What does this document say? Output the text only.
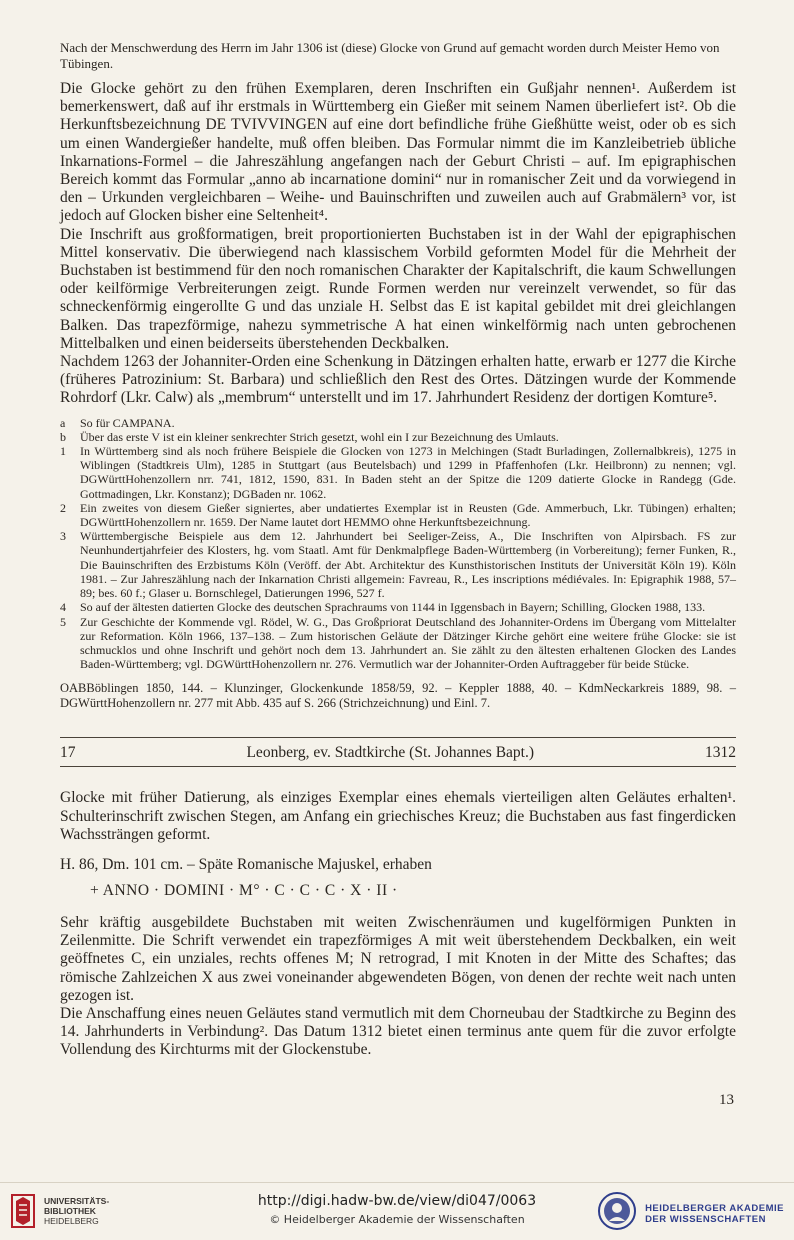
Nach der Menschwerdung des Herrn im Jahr 1306 ist (diese) Glocke von Grund auf gemacht worden durch Meister Hemo von Tübingen.

Die Glocke gehört zu den frühen Exemplaren, deren Inschriften ein Gußjahr nennen¹. Außerdem ist bemerkenswert, daß auf ihr erstmals in Württemberg ein Gießer mit seinem Namen überliefert ist². Ob die Herkunftsbezeichnung DE TVIVVINGEN auf eine dort befindliche frühe Gießhütte weist, oder ob es sich um einen Wandergießer handelte, muß offen bleiben. Das Formular nimmt die im Kanzleibetrieb übliche Inkarnations-Formel – die Jahreszählung angefangen nach der Geburt Christi – auf. Im epigraphischen Bereich kommt das Formular „anno ab incarnatione domini“ nur in romanischer Zeit und da vorwiegend in den – Urkunden vergleichbaren – Weihe- und Bauinschriften und zuweilen auch auf Grabmälern³ vor, ist jedoch auf Glocken bisher eine Seltenheit⁴.

Die Inschrift aus großformatigen, breit proportionierten Buchstaben ist in der Wahl der epigraphischen Mittel konservativ. Die überwiegend nach klassischem Vorbild geformten Model für die Mehrheit der Buchstaben ist bestimmend für den noch romanischen Charakter der Kapitalschrift, die kaum Schwellungen oder keilförmige Verbreiterungen zeigt. Runde Formen werden nur vereinzelt verwendet, so für das schneckenförmig eingerollte G und das unziale H. Selbst das E ist kapital gebildet mit drei gleichlangen Balken. Das trapezförmige, nahezu symmetrische A hat einen winkelförmig nach unten gebrochenen Mittelbalken und einen beiderseits überstehenden Deckbalken.

Nachdem 1263 der Johanniter-Orden eine Schenkung in Dätzingen erhalten hatte, erwarb er 1277 die Kirche (früheres Patrozinium: St. Barbara) und schließlich den Rest des Ortes. Dätzingen wurde der Kommende Rohrdorf (Lkr. Calw) als „membrum“ unterstellt und im 17. Jahrhundert Residenz der dortigen Komture⁵.

a	So für CAMPANA.
b	Über das erste V ist ein kleiner senkrechter Strich gesetzt, wohl ein I zur Bezeichnung des Umlauts.
1	In Württemberg sind als noch frühere Beispiele die Glocken von 1273 in Melchingen (Stadt Burladingen, Zollernalbkreis), 1275 in Wiblingen (Stadtkreis Ulm), 1285 in Stuttgart (aus Beutelsbach) und 1299 in Pfaffenhofen (Lkr. Heilbronn) zu nennen; vgl. DGWürttHohenzollern nrr. 741, 1812, 1590, 831. In Baden steht an der Spitze die 1209 datierte Glocke in Randegg (Gde. Gottmadingen, Lkr. Konstanz); DGBaden nr. 1062.
2	Ein zweites von diesem Gießer signiertes, aber undatiertes Exemplar ist in Reusten (Gde. Ammerbuch, Lkr. Tübingen) erhalten; DGWürttHohenzollern nr. 1659. Der Name lautet dort HEMMO ohne Herkunftsbezeichnung.
3	Württembergische Beispiele aus dem 12. Jahrhundert bei Seeliger-Zeiss, A., Die Inschriften von Alpirsbach. FS zur Neunhundertjahrfeier des Klosters, hg. vom Staatl. Amt für Denkmalpflege Baden-Württemberg (in Vorbereitung); ferner Funken, R., Die Bauinschriften des Erzbistums Köln (Veröff. der Abt. Architektur des Kunsthistorischen Instituts der Universität Köln 19). Köln 1981. – Zur Jahreszählung nach der Inkarnation Christi allgemein: Favreau, R., Les inscriptions médiévales. In: Epigraphik 1988, 57–89; bes. 60 f.; Glaser u. Bornschlegel, Datierungen 1996, 527 f.
4	So auf der ältesten datierten Glocke des deutschen Sprachraums von 1144 in Iggensbach in Bayern; Schilling, Glocken 1988, 133.
5	Zur Geschichte der Kommende vgl. Rödel, W. G., Das Großpriorat Deutschland des Johanniter-Ordens im Übergang vom Mittelalter zur Reformation. Köln 1966, 137–138. – Zum historischen Geläute der Dätzinger Kirche gehört eine weitere frühe Glocke: sie ist schmucklos und ohne Inschrift und gehört noch dem 13. Jahrhundert an. Sie zählt zu den ältesten erhaltenen Glocken des Landes Baden-Württemberg; vgl. DGWürttHohenzollern nr. 276. Vermutlich war der Johanniter-Orden Auftraggeber für beide Stücke.
OABBöblingen 1850, 144. – Klunzinger, Glockenkunde 1858/59, 92. – Keppler 1888, 40. – KdmNeckarkreis 1889, 98. – DGWürttHohenzollern nr. 277 mit Abb. 435 auf S. 266 (Strichzeichnung) und Einl. 7.
17	Leonberg, ev. Stadtkirche (St. Johannes Bapt.)	1312

Glocke mit früher Datierung, als einziges Exemplar eines ehemals vierteiligen alten Geläutes erhalten¹. Schulterinschrift zwischen Stegen, am Anfang ein griechisches Kreuz; die Buchstaben aus fast fingerdicken Wachssträngen geformt.

H. 86, Dm. 101 cm. – Späte Romanische Majuskel, erhaben

+ ANNO · DOMINI · M° · C · C · C · X · II ·

Sehr kräftig ausgebildete Buchstaben mit weiten Zwischenräumen und kugelförmigen Punkten in Zeilenmitte. Die Schrift verwendet ein trapezförmiges A mit weit überstehendem Deckbalken, ein weit geöffnetes C, ein unziales, rechts offenes M; N retrograd, I mit Knoten in der Mitte des Schaftes; das römische Zahlzeichen X aus zwei voneinander abgewendeten Bögen, von denen der rechte weit nach unten gezogen ist.

Die Anschaffung eines neuen Geläutes stand vermutlich mit dem Chorneubau der Stadtkirche zu Beginn des 14. Jahrhunderts in Verbindung². Das Datum 1312 bietet einen terminus ante quem für die zuvor erfolgte Vollendung des Kirchturms mit der Glockenstube.

13
UNIVERSITÄTS-
BIBLIOTHEK
HEIDELBERG
http://digi.hadw-bw.de/view/di047/0063
© Heidelberger Akademie der Wissenschaften
HEIDELBERGER AKADEMIE
DER WISSENSCHAFTEN
